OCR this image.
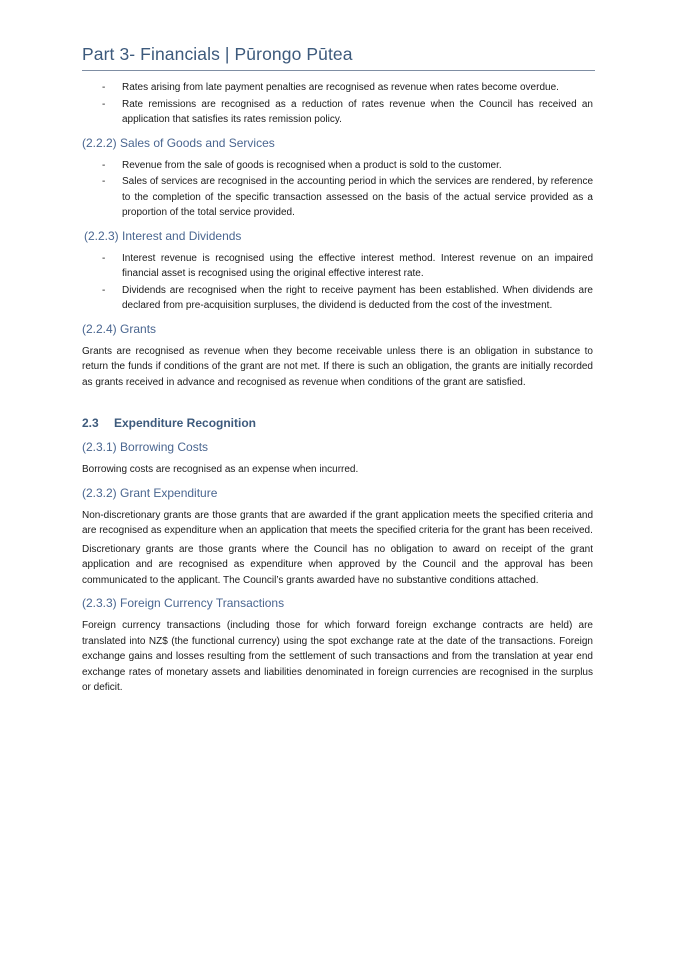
Part 3- Financials | Pūrongo Pūtea
- Rates arising from late payment penalties are recognised as revenue when rates become overdue.
- Rate remissions are recognised as a reduction of rates revenue when the Council has received an application that satisfies its rates remission policy.
(2.2.2) Sales of Goods and Services
- Revenue from the sale of goods is recognised when a product is sold to the customer.
- Sales of services are recognised in the accounting period in which the services are rendered, by reference to the completion of the specific transaction assessed on the basis of the actual service provided as a proportion of the total service provided.
(2.2.3) Interest and Dividends
- Interest revenue is recognised using the effective interest method. Interest revenue on an impaired financial asset is recognised using the original effective interest rate.
- Dividends are recognised when the right to receive payment has been established. When dividends are declared from pre-acquisition surpluses, the dividend is deducted from the cost of the investment.
(2.2.4) Grants

Grants are recognised as revenue when they become receivable unless there is an obligation in substance to return the funds if conditions of the grant are not met. If there is such an obligation, the grants are initially recorded as grants received in advance and recognised as revenue when conditions of the grant are satisfied.

2.3 Expenditure Recognition
(2.3.1) Borrowing Costs

Borrowing costs are recognised as an expense when incurred.

(2.3.2) Grant Expenditure

Non-discretionary grants are those grants that are awarded if the grant application meets the specified criteria and are recognised as expenditure when an application that meets the specified criteria for the grant has been received.

Discretionary grants are those grants where the Council has no obligation to award on receipt of the grant application and are recognised as expenditure when approved by the Council and the approval has been communicated to the applicant. The Council’s grants awarded have no substantive conditions attached.

(2.3.3) Foreign Currency Transactions

Foreign currency transactions (including those for which forward foreign exchange contracts are held) are translated into NZ$ (the functional currency) using the spot exchange rate at the date of the transactions. Foreign exchange gains and losses resulting from the settlement of such transactions and from the translation at year end exchange rates of monetary assets and liabilities denominated in foreign currencies are recognised in the surplus or deficit.
